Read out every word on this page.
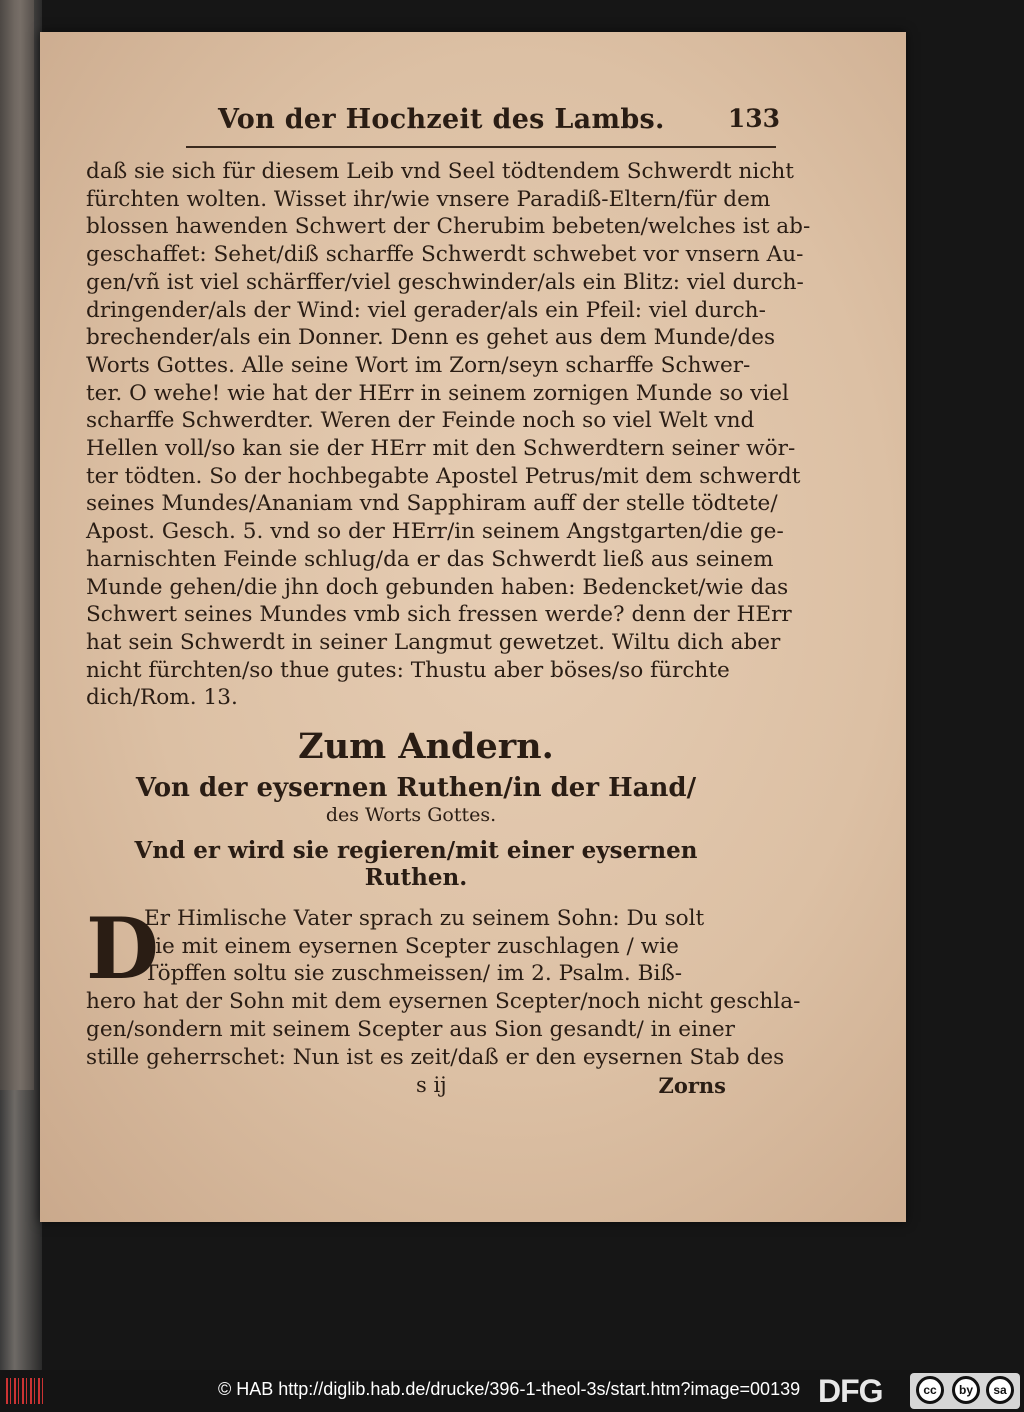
Von der Hochzeit des Lambs.	133
daß sie sich für diesem Leib vnd Seel tödtendem Schwerdt nicht
fürchten wolten. Wisset ihr/wie vnsere Paradiß-Eltern/für dem
blossen hawenden Schwert der Cherubim bebeten/welches ist ab-
geschaffet: Sehet/diß scharffe Schwerdt schwebet vor vnsern Au-
gen/vñ ist viel schärffer/viel geschwinder/als ein Blitz: viel durch-
dringender/als der Wind: viel gerader/als ein Pfeil: viel durch-
brechender/als ein Donner. Denn es gehet aus dem Munde/des
Worts Gottes. Alle seine Wort im Zorn/seyn scharffe Schwer-
ter. O wehe! wie hat der HErr in seinem zornigen Munde so viel
scharffe Schwerdter. Weren der Feinde noch so viel Welt vnd
Hellen voll/so kan sie der HErr mit den Schwerdtern seiner wör-
ter tödten. So der hochbegabte Apostel Petrus/mit dem schwerdt
seines Mundes/Ananiam vnd Sapphiram auff der stelle tödtete/
Apost. Gesch. 5. vnd so der HErr/in seinem Angstgarten/die ge-
harnischten Feinde schlug/da er das Schwerdt ließ aus seinem
Munde gehen/die jhn doch gebunden haben: Bedencket/wie das
Schwert seines Mundes vmb sich fressen werde? denn der HErr
hat sein Schwerdt in seiner Langmut gewetzet. Wiltu dich aber
nicht fürchten/so thue gutes: Thustu aber böses/so fürchte
dich/Rom. 13.
Zum Andern.
Von der eysernen Ruthen/in der Hand/
des Worts Gottes.
Vnd er wird sie regieren/mit einer eysernen Ruthen.
D
Er Himlische Vater sprach zu seinem Sohn: Du solt
sie mit einem eysernen Scepter zuschlagen / wie
Töpffen soltu sie zuschmeissen/ im 2. Psalm. Biß-
hero hat der Sohn mit dem eysernen Scepter/noch nicht geschla-
gen/sondern mit seinem Scepter aus Sion gesandt/ in einer
stille geherrschet: Nun ist es zeit/daß er den eysernen Stab des
s ij	Zorns
© HAB http://diglib.hab.de/drucke/396-1-theol-3s/start.htm?image=00139 DFG	cc	by	sa
